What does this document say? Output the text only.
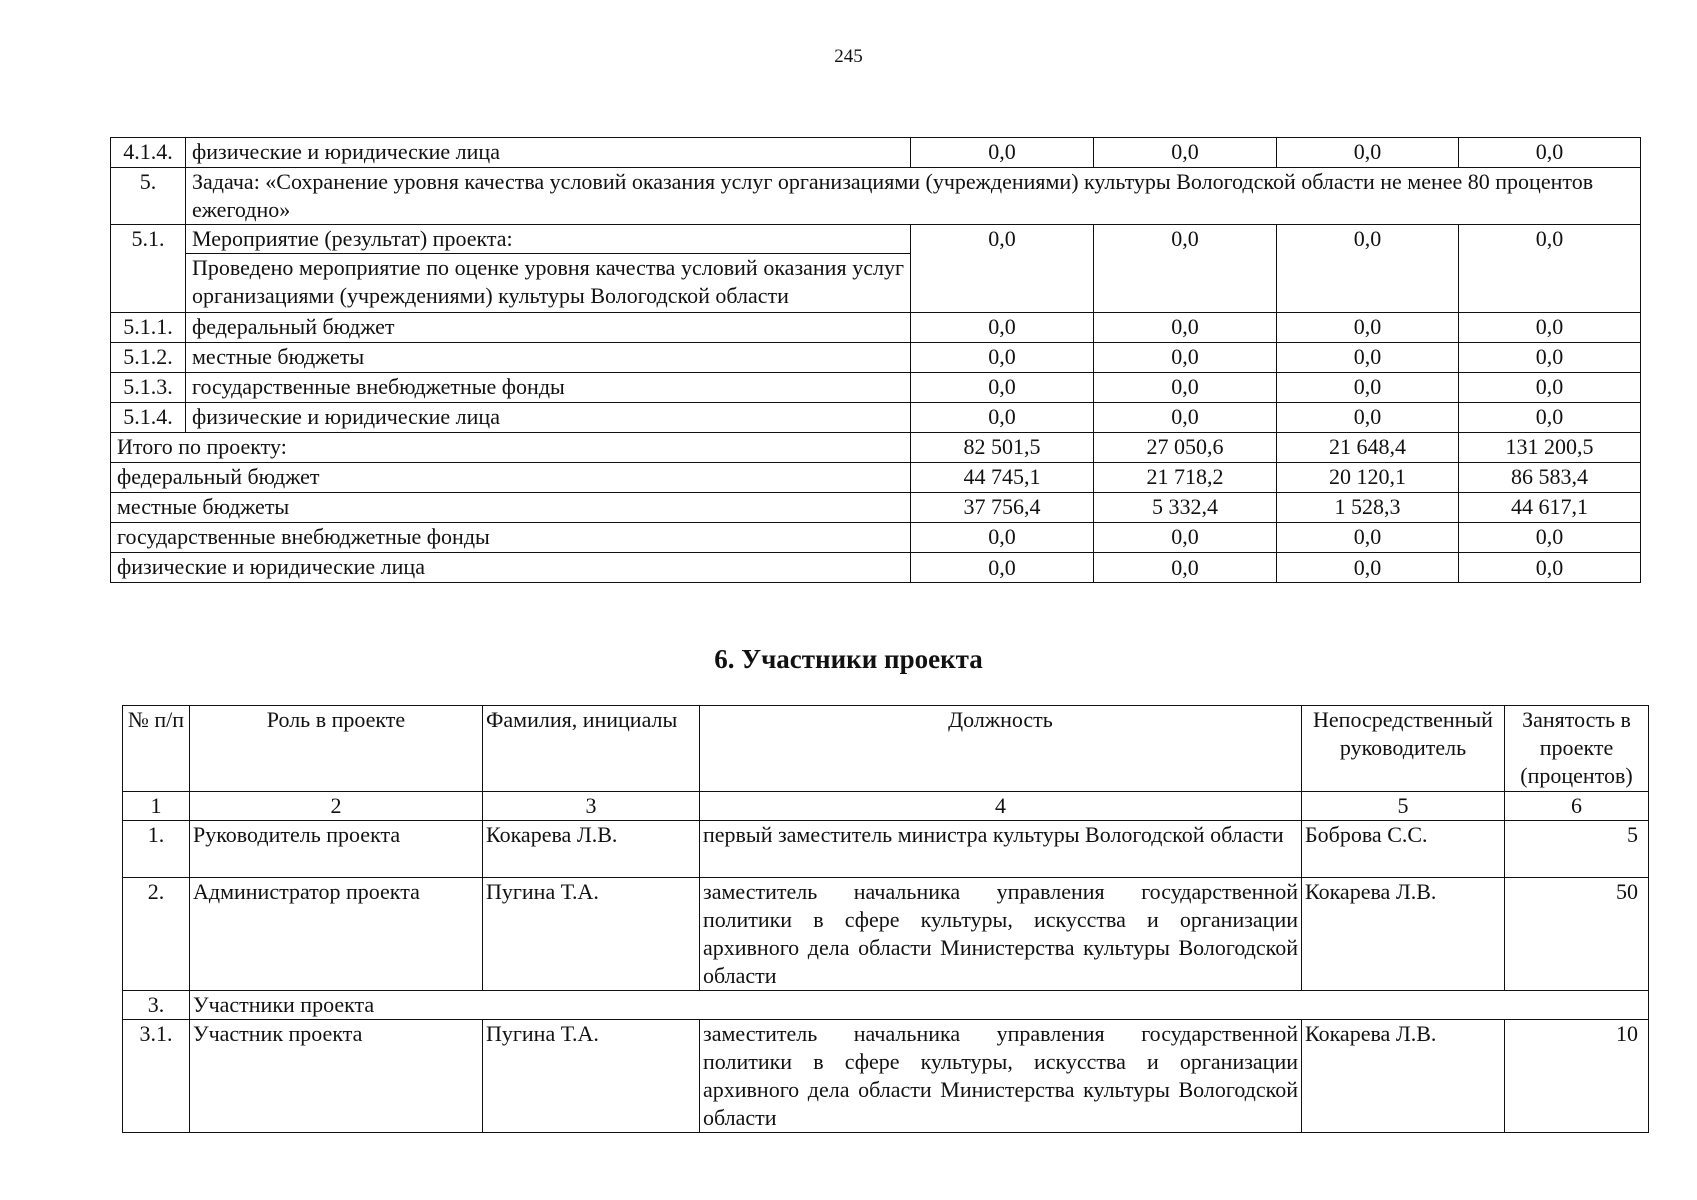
245
4.1.4.	физические и юридические лица	0,0	0,0	0,0	0,0
5.	Задача: «Сохранение уровня качества условий оказания услуг организациями (учреждениями) культуры Вологодской области не менее 80 процентов ежегодно»				
5.1.	Мероприятие (результат) проекта:
Проведено мероприятие по оценке уровня качества условий оказания услуг организациями (учреждениями) культуры Вологодской области	0,0	0,0	0,0	0,0
5.1.1.	федеральный бюджет	0,0	0,0	0,0	0,0
5.1.2.	местные бюджеты	0,0	0,0	0,0	0,0
5.1.3.	государственные внебюджетные фонды	0,0	0,0	0,0	0,0
5.1.4.	физические и юридические лица	0,0	0,0	0,0	0,0
Итого по проекту:		82 501,5	27 050,6	21 648,4	131 200,5
федеральный бюджет		44 745,1	21 718,2	20 120,1	86 583,4
местные бюджеты		37 756,4	5 332,4	1 528,3	44 617,1
государственные внебюджетные фонды		0,0	0,0	0,0	0,0
физические и юридические лица		0,0	0,0	0,0	0,0
6. Участники проекта
№ п/п	Роль в проекте	Фамилия, инициалы	Должность	Непосредственный руководитель	Занятость в проекте (процентов)
1	2	3	4	5	6
1.	Руководитель проекта	Кокарева Л.В.	первый заместитель министра культуры Вологодской области	Боброва С.С.	5
2.	Администратор проекта	Пугина Т.А.	заместитель начальника управления государственной политики в сфере культуры, искусства и организации архивного дела области Министерства культуры Вологодской области	Кокарева Л.В.	50
3.	Участники проекта				
3.1.	Участник проекта	Пугина Т.А.	заместитель начальника управления государственной политики в сфере культуры, искусства и организации архивного дела области Министерства культуры Вологодской области	Кокарева Л.В.	10
